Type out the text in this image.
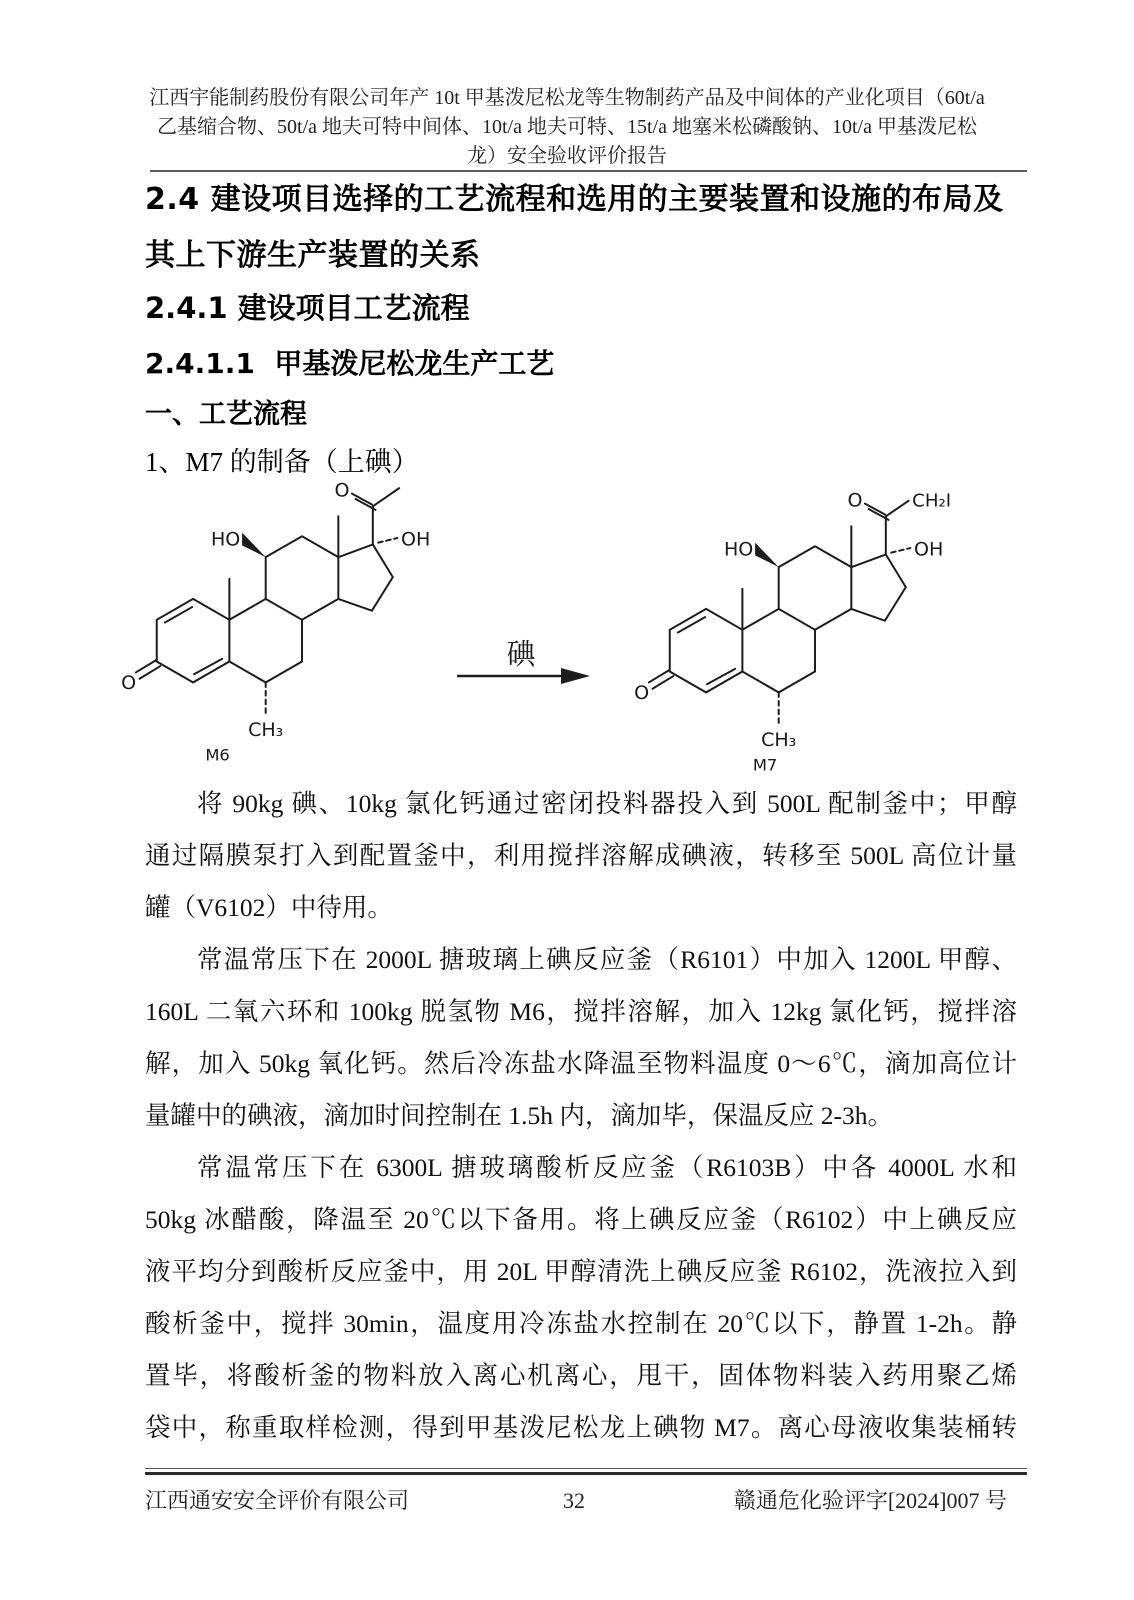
江西宇能制药股份有限公司年产 10t 甲基泼尼松龙等生物制药产品及中间体的产业化项目（60t/a
乙基缩合物、50t/a 地夫可特中间体、10t/a 地夫可特、15t/a 地塞米松磷酸钠、10t/a 甲基泼尼松
龙）安全验收评价报告
2.4 建设项目选择的工艺流程和选用的主要装置和设施的布局及
其上下游生产装置的关系
2.4.1 建设项目工艺流程
2.4.1.1  甲基泼尼松龙生产工艺
一、工艺流程
1、M7 的制备（上碘）
O
HO
O
OH
CH₃
M6
碘
O
HO
O CH₂I
OH
CH₃
M7
将 90kg 碘、10kg 氯化钙通过密闭投料器投入到 500L 配制釜中；甲醇
通过隔膜泵打入到配置釜中，利用搅拌溶解成碘液，转移至 500L 高位计量
罐（V6102）中待用。
常温常压下在 2000L 搪玻璃上碘反应釜（R6101）中加入 1200L 甲醇、
160L 二氧六环和 100kg 脱氢物 M6，搅拌溶解，加入 12kg 氯化钙，搅拌溶
解，加入 50kg 氧化钙。然后冷冻盐水降温至物料温度 0～6℃，滴加高位计
量罐中的碘液，滴加时间控制在 1.5h 内，滴加毕，保温反应 2-3h。
常温常压下在 6300L 搪玻璃酸析反应釜（R6103B）中各 4000L 水和
50kg 冰醋酸，降温至 20℃以下备用。将上碘反应釜（R6102）中上碘反应
液平均分到酸析反应釜中，用 20L 甲醇清洗上碘反应釜 R6102，洗液拉入到
酸析釜中，搅拌 30min，温度用冷冻盐水控制在 20℃以下，静置 1-2h。静
置毕，将酸析釜的物料放入离心机离心，甩干，固体物料装入药用聚乙烯
袋中，称重取样检测，得到甲基泼尼松龙上碘物 M7。离心母液收集装桶转
江西通安安全评价有限公司	32	赣通危化验评字[2024]007 号
